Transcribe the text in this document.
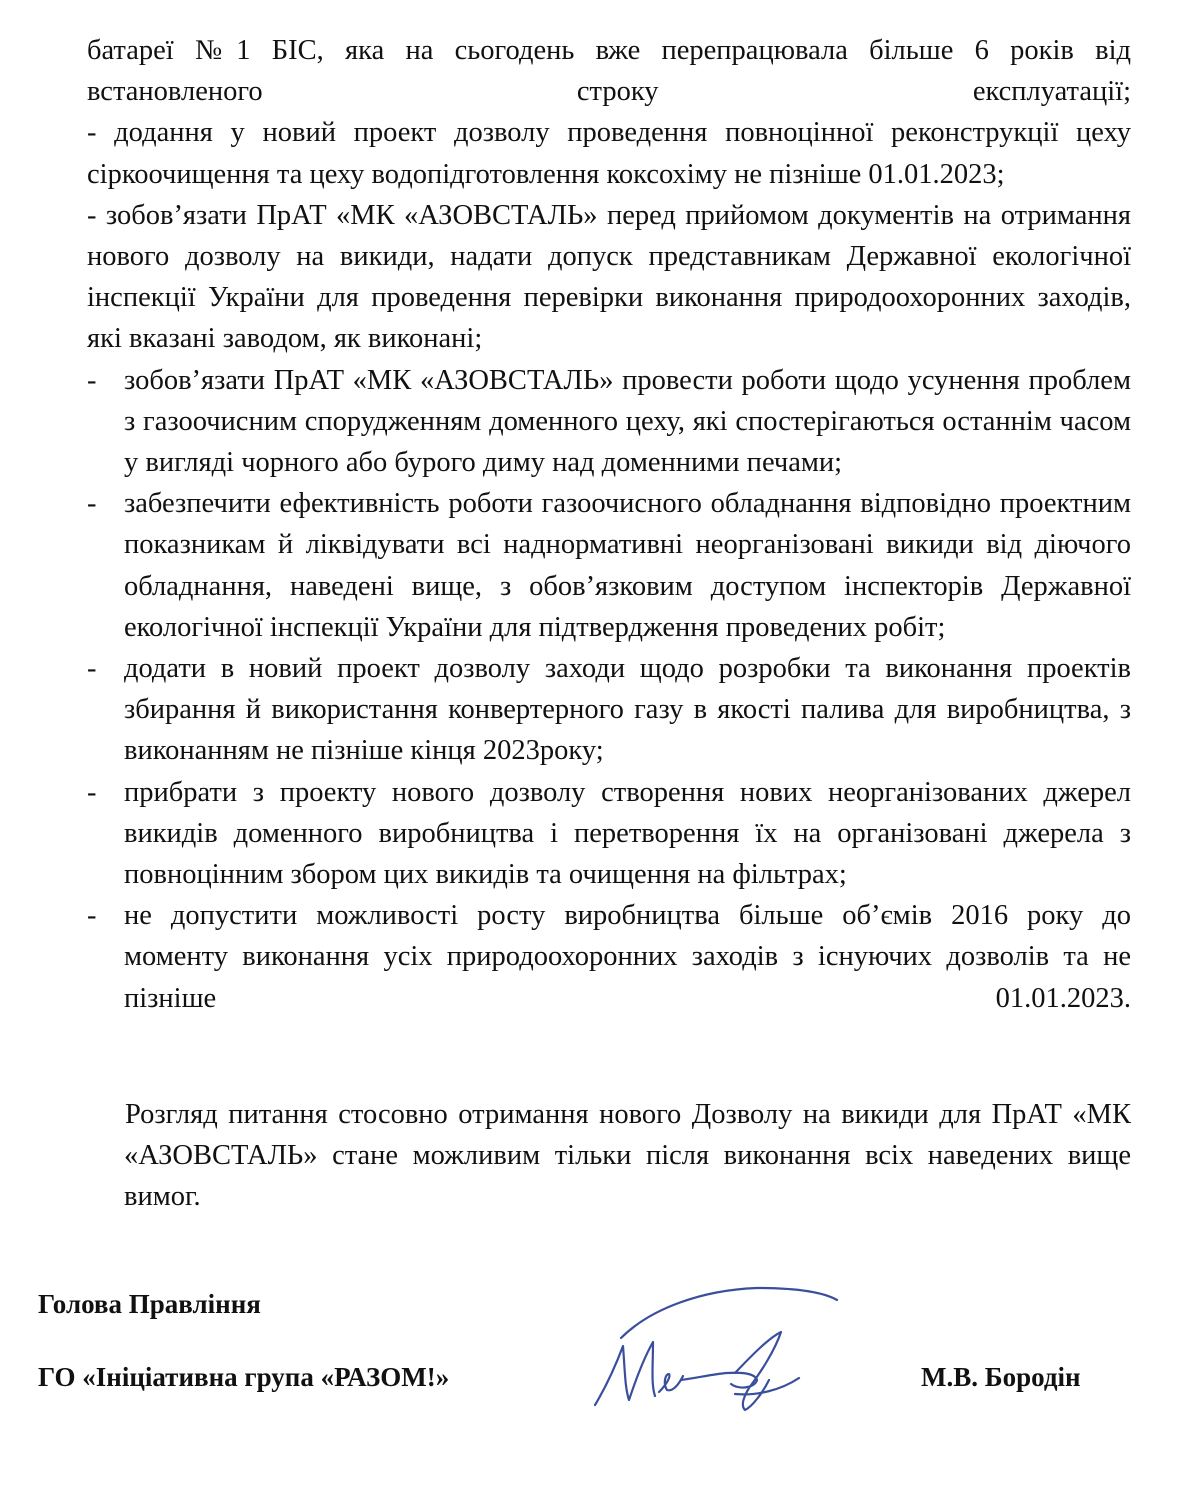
батареї №1 БІС, яка на сьогодень вже перепрацювала більше 6 років від встановленого строку експлуатації;

- додання у новий проект дозволу проведення повноцінної реконструкції цеху сіркоочищення та цеху водопідготовлення коксохіму не пізніше 01.01.2023;

- зобов’язати ПрАТ «МК «АЗОВСТАЛЬ» перед прийомом документів на отримання нового дозволу на викиди, надати допуск представникам Державної екологічної інспекції України для проведення перевірки виконання природоохоронних заходів, які вказані заводом, як виконані;

- зобов’язати ПрАТ «МК «АЗОВСТАЛЬ» провести роботи щодо усунення проблем з газоочисним спорудженням доменного цеху, які спостерігаються останнім часом у вигляді чорного або бурого диму над доменними печами;
- забезпечити ефективність роботи газоочисного обладнання відповідно проектним показникам й ліквідувати всі наднормативні неорганізовані викиди від діючого обладнання, наведені вище, з обов’язковим доступом інспекторів Державної екологічної інспекції України для підтвердження проведених робіт;
- додати в новий проект дозволу заходи щодо розробки та виконання проектів збирання й використання конвертерного газу в якості палива для виробництва, з виконанням не пізніше кінця 2023року;
- прибрати з проекту нового дозволу створення нових неорганізованих джерел викидів доменного виробництва і перетворення їх на організовані джерела з повноцінним збором цих викидів та очищення на фільтрах;
- не допустити можливості росту виробництва більше об’ємів 2016 року до моменту виконання усіх природоохоронних заходів з існуючих дозволів та не пізніше 01.01.2023.

Розгляд питання стосовно отримання нового Дозволу на викиди для ПрАТ «МК «АЗОВСТАЛЬ» стане можливим тільки після виконання всіх наведених вище вимог.

Голова Правління
ГО «Ініціативна група «РАЗОМ!»	М.В. Бородін
